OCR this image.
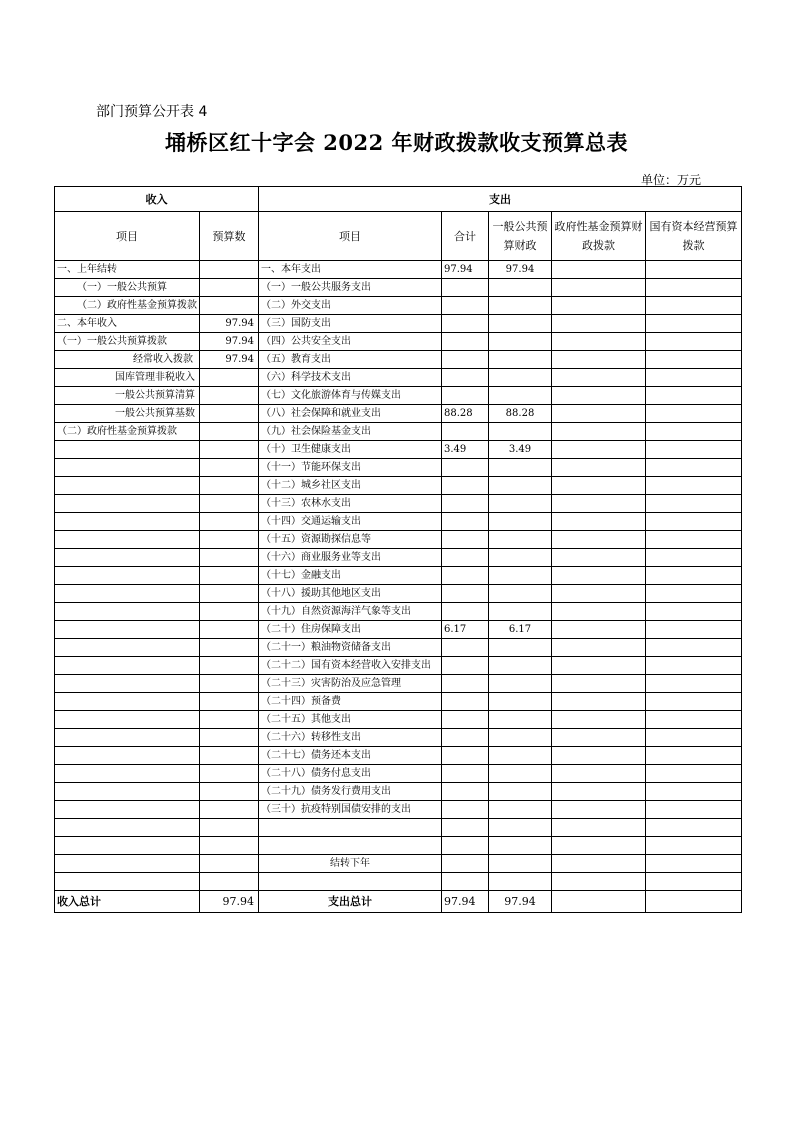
部门预算公开表 4
埇桥区红十字会 2022 年财政拨款收支预算总表
单位：万元
收入		支出				
项目	预算数	项目	合计	一般公共预算财政	政府性基金预算财政拨款	国有资本经营预算拨款
一、上年结转		一、本年支出	97.94	97.94		
（一）一般公共预算		（一）一般公共服务支出				
（二）政府性基金预算拨款		（二）外交支出				
二、本年收入	97.94	（三）国防支出				
（一）一般公共预算拨款	97.94	（四）公共安全支出				
经常收入拨款	97.94	（五）教育支出				
国库管理非税收入		（六）科学技术支出				
一般公共预算清算		（七）文化旅游体育与传媒支出				
一般公共预算基数		（八）社会保障和就业支出	88.28	88.28		
（二）政府性基金预算拨款		（九）社会保险基金支出				
		（十）卫生健康支出	3.49	3.49		
		（十一）节能环保支出				
		（十二）城乡社区支出				
		（十三）农林水支出				
		（十四）交通运输支出				
		（十五）资源勘探信息等				
		（十六）商业服务业等支出				
		（十七）金融支出				
		（十八）援助其他地区支出				
		（十九）自然资源海洋气象等支出				
		（二十）住房保障支出	6.17	6.17		
		（二十一）粮油物资储备支出				
		（二十二）国有资本经营收入安排支出				
		（二十三）灾害防治及应急管理				
		（二十四）预备费				
		（二十五）其他支出				
		（二十六）转移性支出				
		（二十七）债务还本支出				
		（二十八）债务付息支出				
		（二十九）债务发行费用支出				
		（三十）抗疫特别国债安排的支出				

		结转下年				

收入总计	97.94	支出总计	97.94	97.94		
